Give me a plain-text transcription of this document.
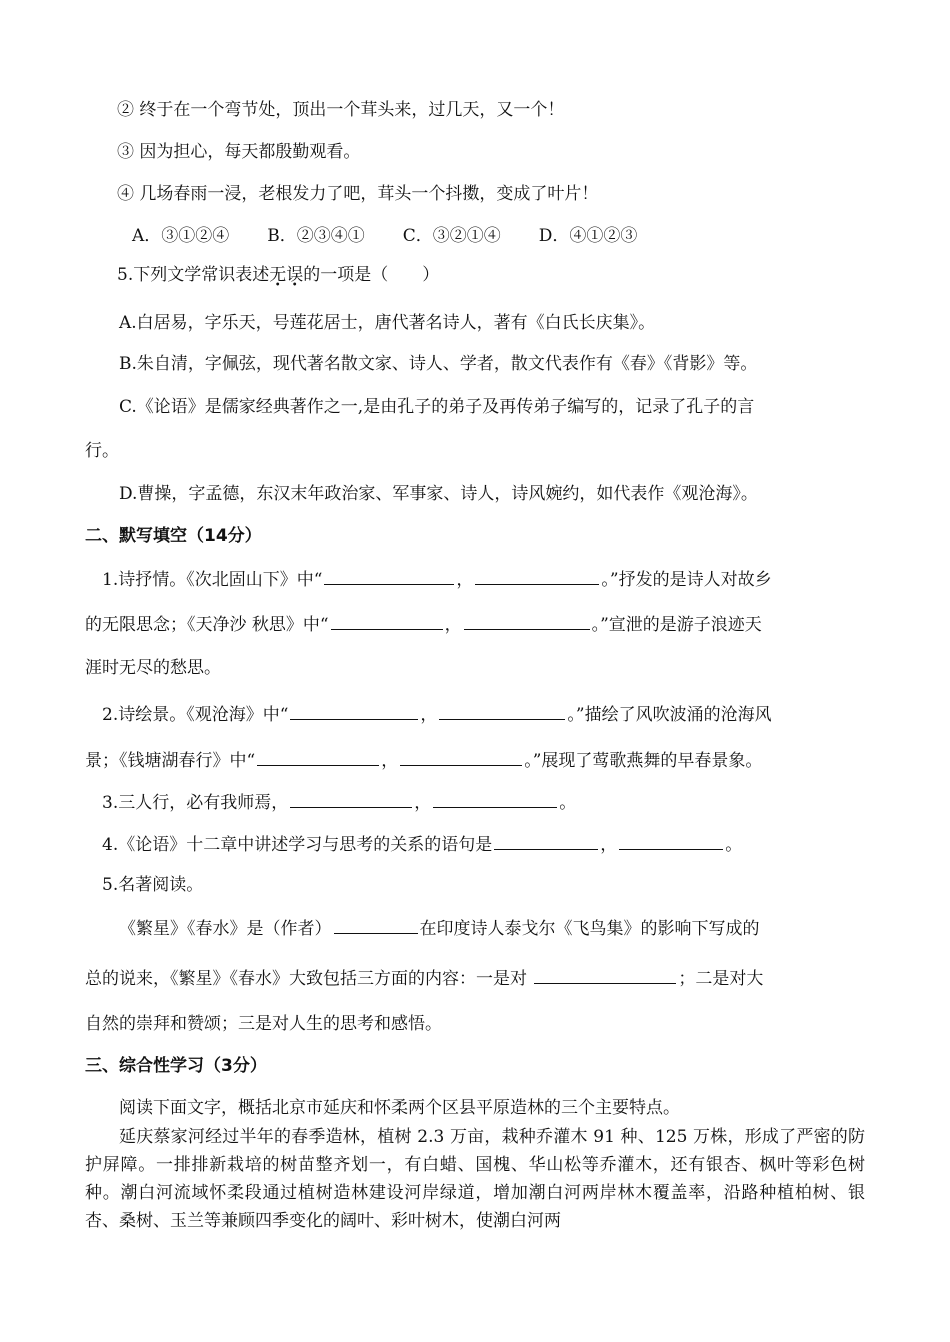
② 终于在一个弯节处，顶出一个茸头来，过几天，又一个！
③ 因为担心，每天都殷勤观看。
④ 几场春雨一浸，老根发力了吧，茸头一个抖擞，变成了叶片！
A．③①②④ B．②③④① C．③②①④ D．④①②③
5.下列文学常识表述无误的一项是（　　）
A.白居易，字乐天，号莲花居士，唐代著名诗人，著有《白氏长庆集》。
B.朱自清，字佩弦，现代著名散文家、诗人、学者，散文代表作有《春》《背影》等。
C.《论语》是儒家经典著作之一,是由孔子的弟子及再传弟子编写的，记录了孔子的言
行。
D.曹操，字孟德，东汉末年政治家、军事家、诗人，诗风婉约，如代表作《观沧海》。
二、默写填空（14分）
1.诗抒情。《次北固山下》中“	，	。”抒发的是诗人对故乡
的无限思念；《天净沙 秋思》中“	，	。”宣泄的是游子浪迹天
涯时无尽的愁思。
2.诗绘景。《观沧海》中“	，	。”描绘了风吹波涌的沧海风
景；《钱塘湖春行》中“	，	。”展现了莺歌燕舞的早春景象。
3.三人行，必有我师焉，	，	。
4.《论语》十二章中讲述学习与思考的关系的语句是	，	。
5.名著阅读。
《繁星》《春水》是（作者）	在印度诗人泰戈尔《飞鸟集》的影响下写成的
总的说来，《繁星》《春水》大致包括三方面的内容：一是对	；二是对大
自然的崇拜和赞颂；三是对人生的思考和感悟。
三、综合性学习（3分）
阅读下面文字，概括北京市延庆和怀柔两个区县平原造林的三个主要特点。
延庆蔡家河经过半年的春季造林，植树 2.3 万亩，栽种乔灌木 91 种、125 万株，形成了严密的防护屏障。一排排新栽培的树苗整齐划一，有白蜡、国槐、华山松等乔灌木，还有银杏、枫叶等彩色树种。潮白河流域怀柔段通过植树造林建设河岸绿道，增加潮白河两岸林木覆盖率，沿路种植柏树、银杏、桑树、玉兰等兼顾四季变化的阔叶、彩叶树木，使潮白河两
